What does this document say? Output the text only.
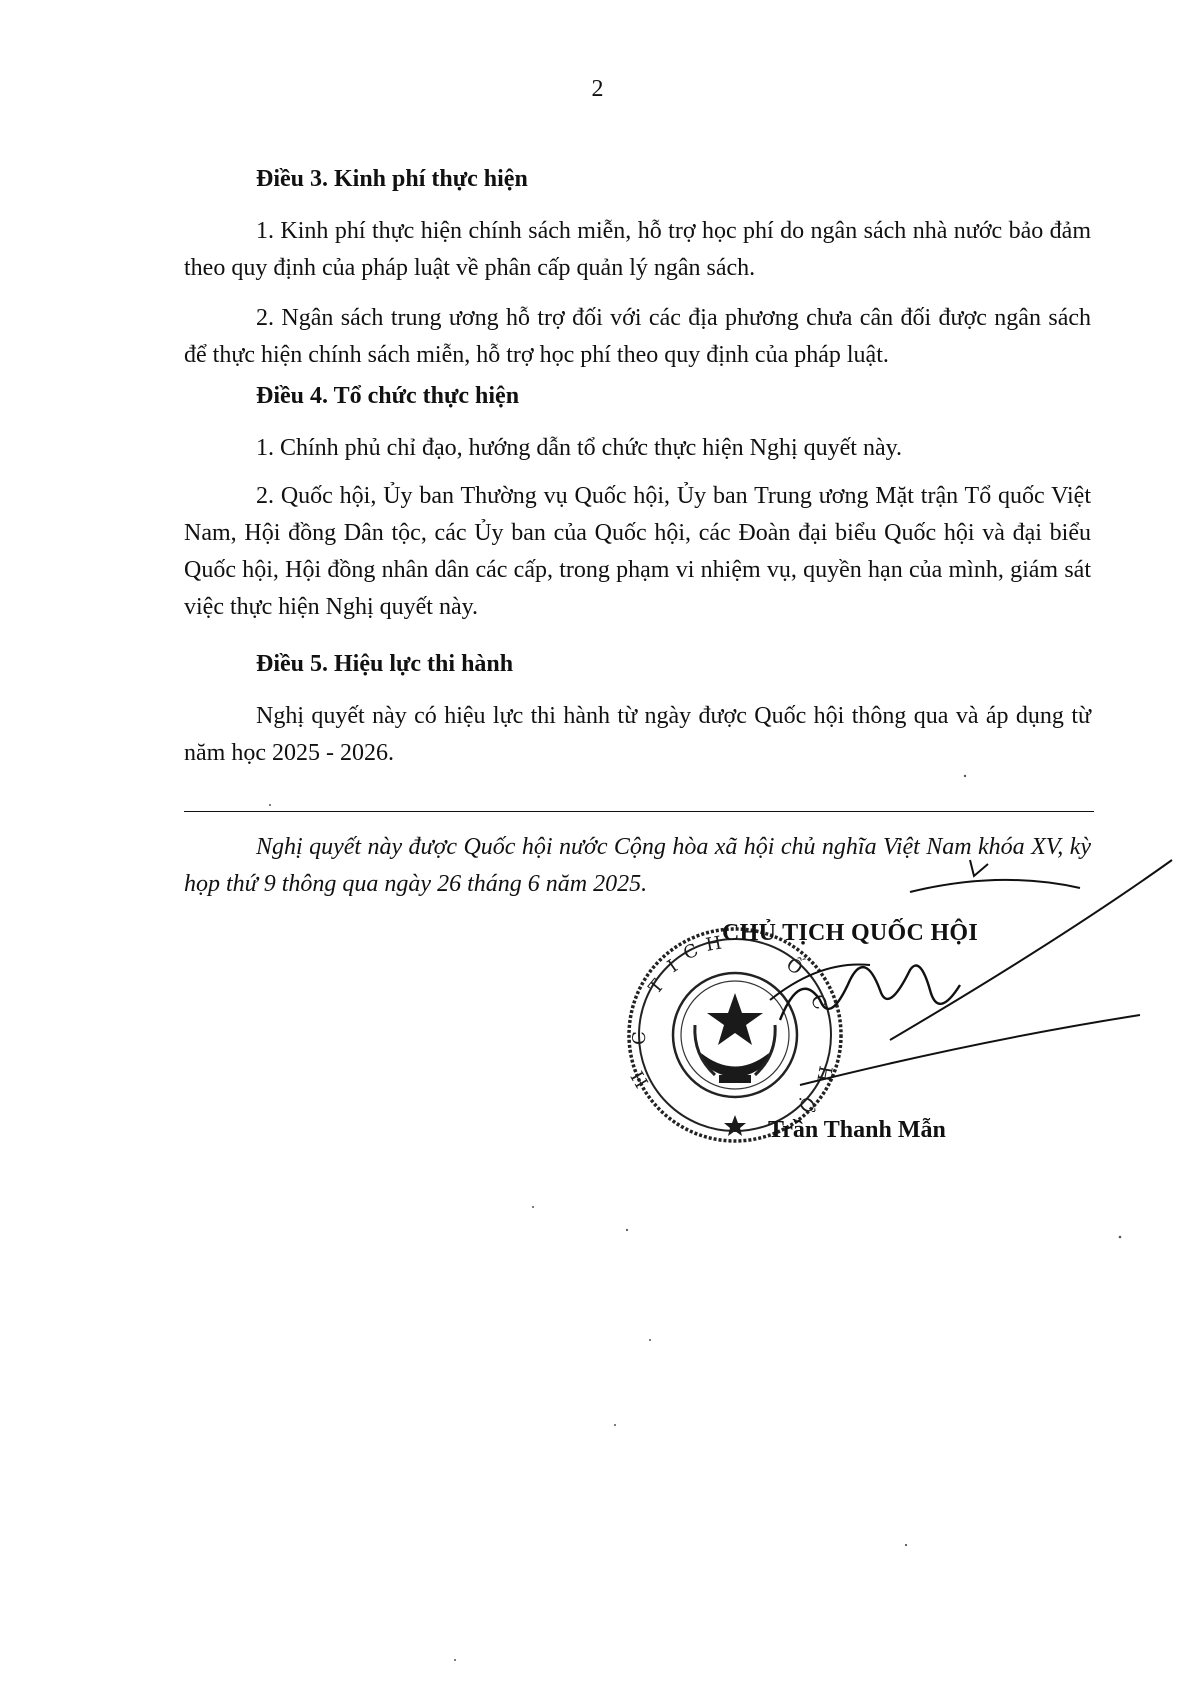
2
Điều 3. Kinh phí thực hiện

1. Kinh phí thực hiện chính sách miễn, hỗ trợ học phí do ngân sách nhà nước bảo đảm theo quy định của pháp luật về phân cấp quản lý ngân sách.

2. Ngân sách trung ương hỗ trợ đối với các địa phương chưa cân đối được ngân sách để thực hiện chính sách miễn, hỗ trợ học phí theo quy định của pháp luật.

Điều 4. Tổ chức thực hiện

1. Chính phủ chỉ đạo, hướng dẫn tổ chức thực hiện Nghị quyết này.

2. Quốc hội, Ủy ban Thường vụ Quốc hội, Ủy ban Trung ương Mặt trận Tổ quốc Việt Nam, Hội đồng Dân tộc, các Ủy ban của Quốc hội, các Đoàn đại biểu Quốc hội và đại biểu Quốc hội, Hội đồng nhân dân các cấp, trong phạm vi nhiệm vụ, quyền hạn của mình, giám sát việc thực hiện Nghị quyết này.

Điều 5. Hiệu lực thi hành

Nghị quyết này có hiệu lực thi hành từ ngày được Quốc hội thông qua và áp dụng từ năm học 2025 - 2026.

Nghị quyết này được Quốc hội nước Cộng hòa xã hội chủ nghĩa Việt Nam khóa XV, kỳ họp thứ 9 thông qua ngày 26 tháng 6 năm 2025.

T
I
C H
C
H
Ố
C
H
Ộ
CHỦ TỊCH QUỐC HỘI
Trần Thanh Mẫn
